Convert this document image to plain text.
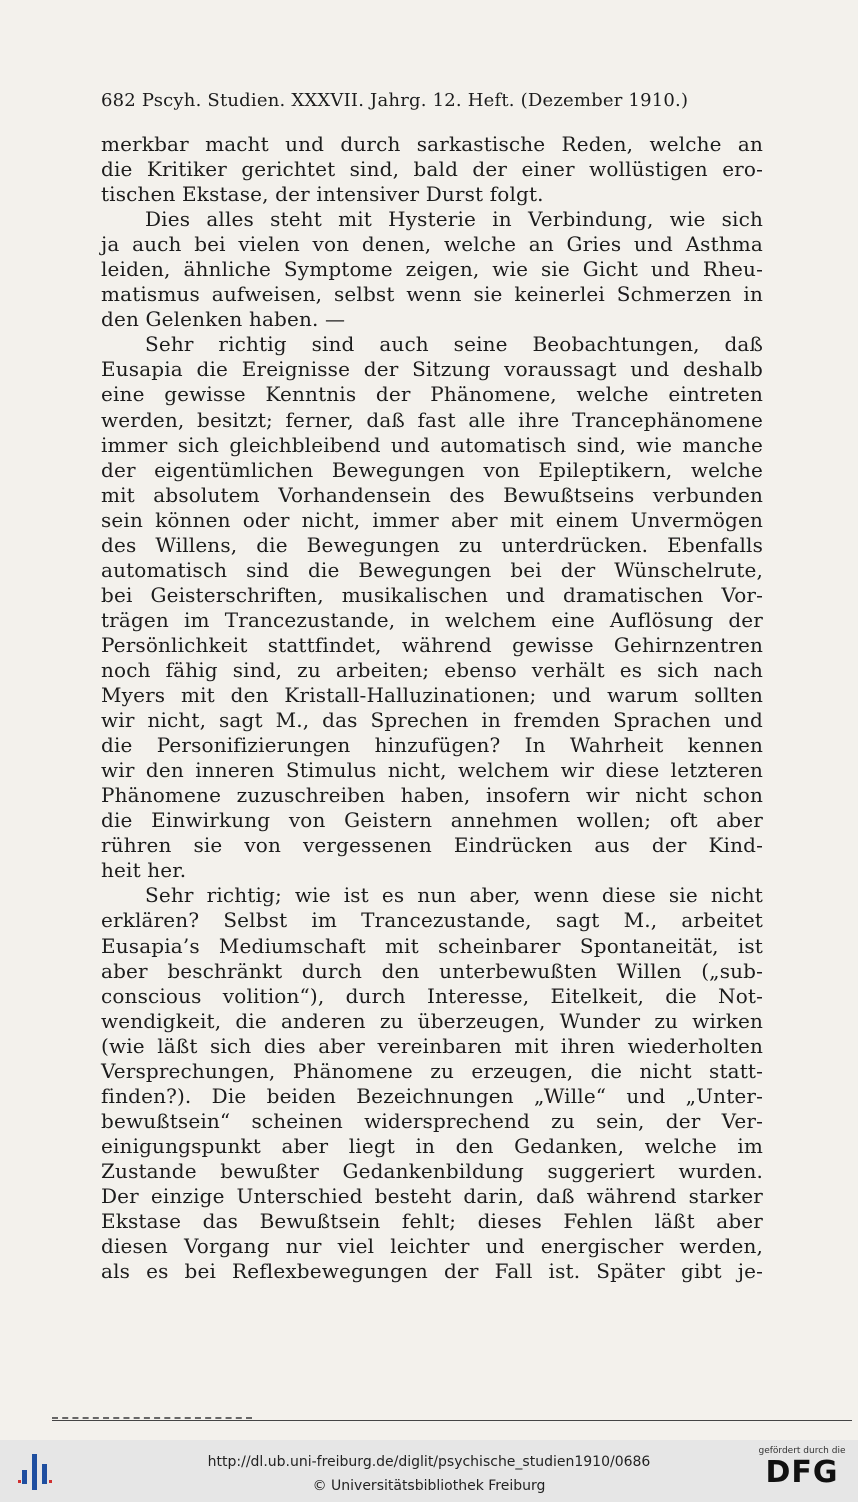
682 Pscyh. Studien. XXXVII. Jahrg. 12. Heft. (Dezember 1910.)
merkbar macht und durch sarkastische Reden, welche an
die Kritiker gerichtet sind, bald der einer wollüstigen ero-
tischen Ekstase, der intensiver Durst folgt.
Dies alles steht mit Hysterie in Verbindung, wie sich
ja auch bei vielen von denen, welche an Gries und Asthma
leiden, ähnliche Symptome zeigen, wie sie Gicht und Rheu-
matismus aufweisen, selbst wenn sie keinerlei Schmerzen in
den Gelenken haben. —
Sehr richtig sind auch seine Beobachtungen, daß
Eusapia die Ereignisse der Sitzung voraussagt und deshalb
eine gewisse Kenntnis der Phänomene, welche eintreten
werden, besitzt; ferner, daß fast alle ihre Trancephänomene
immer sich gleichbleibend und automatisch sind, wie manche
der eigentümlichen Bewegungen von Epileptikern, welche
mit absolutem Vorhandensein des Bewußtseins verbunden
sein können oder nicht, immer aber mit einem Unvermögen
des Willens, die Bewegungen zu unterdrücken. Ebenfalls
automatisch sind die Bewegungen bei der Wünschelrute,
bei Geisterschriften, musikalischen und dramatischen Vor-
trägen im Trancezustande, in welchem eine Auflösung der
Persönlichkeit stattfindet, während gewisse Gehirnzentren
noch fähig sind, zu arbeiten; ebenso verhält es sich nach
Myers mit den Kristall-Halluzinationen; und warum sollten
wir nicht, sagt M., das Sprechen in fremden Sprachen und
die Personifizierungen hinzufügen? In Wahrheit kennen
wir den inneren Stimulus nicht, welchem wir diese letzteren
Phänomene zuzuschreiben haben, insofern wir nicht schon
die Einwirkung von Geistern annehmen wollen; oft aber
rühren sie von vergessenen Eindrücken aus der Kind-
heit her.
Sehr richtig; wie ist es nun aber, wenn diese sie nicht
erklären? Selbst im Trancezustande, sagt M., arbeitet
Eusapia’s Mediumschaft mit scheinbarer Spontaneität, ist
aber beschränkt durch den unterbewußten Willen („sub-
conscious volition“), durch Interesse, Eitelkeit, die Not-
wendigkeit, die anderen zu überzeugen, Wunder zu wirken
(wie läßt sich dies aber vereinbaren mit ihren wiederholten
Versprechungen, Phänomene zu erzeugen, die nicht statt-
finden?). Die beiden Bezeichnungen „Wille“ und „Unter-
bewußtsein“ scheinen widersprechend zu sein, der Ver-
einigungspunkt aber liegt in den Gedanken, welche im
Zustande bewußter Gedankenbildung suggeriert wurden.
Der einzige Unterschied besteht darin, daß während starker
Ekstase das Bewußtsein fehlt; dieses Fehlen läßt aber
diesen Vorgang nur viel leichter und energischer werden,
als es bei Reflexbewegungen der Fall ist. Später gibt je-
http://dl.ub.uni-freiburg.de/diglit/psychische_studien1910/0686
© Universitätsbibliothek Freiburg
gefördert durch die
DFG
